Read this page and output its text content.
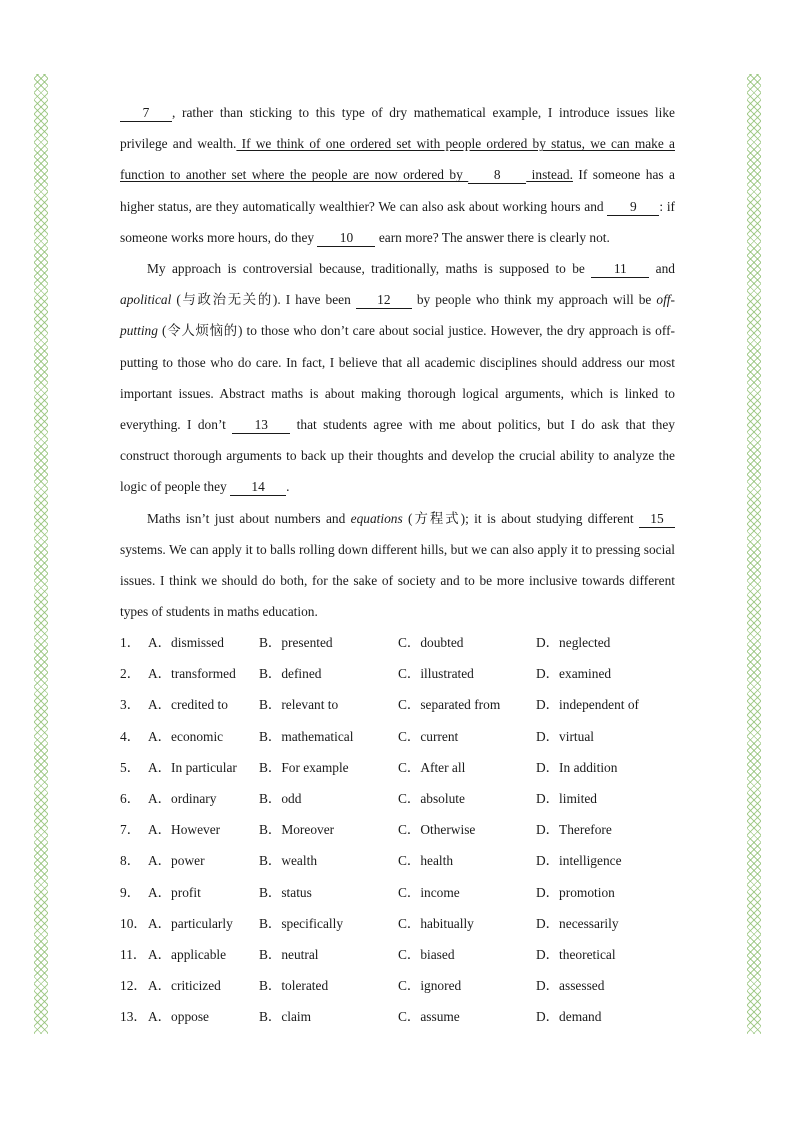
7 , rather than sticking to this type of dry mathematical example, I introduce issues like privilege and wealth. If we think of one ordered set with people ordered by status, we can make a function to another set where the people are now ordered by 8 instead. If someone has a higher status, are they automatically wealthier? We can also ask about working hours and 9 : if someone works more hours, do they 10 earn more? The answer there is clearly not.

My approach is controversial because, traditionally, maths is supposed to be 11 and apolitical (与政治无关的). I have been 12 by people who think my approach will be off-putting (令人烦恼的) to those who don’t care about social justice. However, the dry approach is off-putting to those who do care. In fact, I believe that all academic disciplines should address our most important issues. Abstract maths is about making thorough logical arguments, which is linked to everything. I don’t 13 that students agree with me about politics, but I do ask that they construct thorough arguments to back up their thoughts and develop the crucial ability to analyze the logic of people they 14 .

Maths isn’t just about numbers and equations (方程式); it is about studying different 15 systems. We can apply it to balls rolling down different hills, but we can also apply it to pressing social issues. I think we should do both, for the sake of society and to be more inclusive towards different types of students in maths education.

1． A．dismissed	B．presented	C．doubted	D．neglected
2． A．transformed B．defined	C．illustrated	D．examined
3． A．credited to B．relevant to	C．separated from	D．independent of
4． A．economic	B．mathematical	C．current	D．virtual
5． A．In particular B．For example	C．After all	D．In addition
6． A．ordinary	B．odd	C．absolute	D．limited
7． A．However	B．Moreover	C．Otherwise	D．Therefore
8． A．power	B．wealth	C．health	D．intelligence
9． A．profit	B．status	C．income	D．promotion
10． A．particularly B．specifically	C．habitually	D．necessarily
11． A．applicable B．neutral	C．biased	D．theoretical
12． A．criticized	B．tolerated	C．ignored	D．assessed
13． A．oppose	B．claim	C．assume	D．demand
